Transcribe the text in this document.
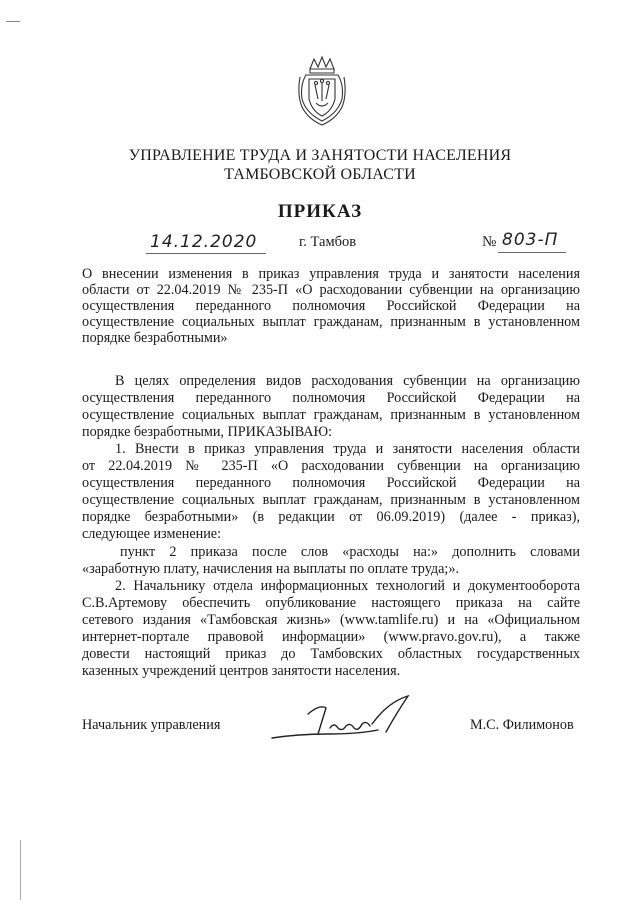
УПРАВЛЕНИЕ ТРУДА И ЗАНЯТОСТИ НАСЕЛЕНИЯ
ТАМБОВСКОЙ ОБЛАСТИ
ПРИКАЗ
14.12.2020	г. Тамбов	№ 803-П
О внесении изменения в приказ управления труда и занятости населения
области от 22.04.2019 № 235-П «О расходовании субвенции на организацию
осуществления переданного полномочия Российской Федерации на
осуществление социальных выплат гражданам, признанным в установленном
порядке безработными»
В целях определения видов расходования субвенции на организацию
осуществления переданного полномочия Российской Федерации на
осуществление социальных выплат гражданам, признанным в установленном
порядке безработными, ПРИКАЗЫВАЮ:
1. Внести в приказ управления труда и занятости населения области
от 22.04.2019 № 235-П «О расходовании субвенции на организацию
осуществления переданного полномочия Российской Федерации на
осуществление социальных выплат гражданам, признанным в установленном
порядке безработными» (в редакции от 06.09.2019) (далее - приказ),
следующее изменение:
пункт 2 приказа после слов «расходы на:» дополнить словами
«заработную плату, начисления на выплаты по оплате труда;».
2. Начальнику отдела информационных технологий и документооборота
С.В.Артемову обеспечить опубликование настоящего приказа на сайте
сетевого издания «Тамбовская жизнь» (www.tamlife.ru) и на «Официальном
интернет-портале правовой информации» (www.pravo.gov.ru), а также
довести настоящий приказ до Тамбовских областных государственных
казенных учреждений центров занятости населения.
Начальник управления	М.С. Филимонов
